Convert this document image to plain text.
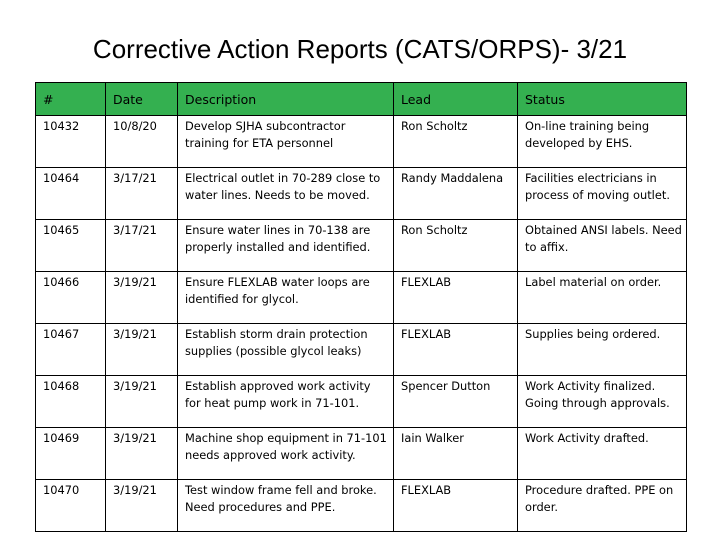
Corrective Action Reports (CATS/ORPS)- 3/21
#	Date	Description	Lead	Status
10432	10/8/20	Develop SJHA subcontractor training for ETA personnel	Ron Scholtz	On-line training being developed by EHS.
10464	3/17/21	Electrical outlet in 70-289 close to water lines. Needs to be moved.	Randy Maddalena	Facilities electricians in process of moving outlet.
10465	3/17/21	Ensure water lines in 70-138 are properly installed and identified.	Ron Scholtz	Obtained ANSI labels. Need to affix.
10466	3/19/21	Ensure FLEXLAB water loops are identified for glycol.	FLEXLAB	Label material on order.
10467	3/19/21	Establish storm drain protection supplies (possible glycol leaks)	FLEXLAB	Supplies being ordered.
10468	3/19/21	Establish approved work activity for heat pump work in 71-101.	Spencer Dutton	Work Activity finalized. Going through approvals.
10469	3/19/21	Machine shop equipment in 71-101 needs approved work activity.	Iain Walker	Work Activity drafted.
10470	3/19/21	Test window frame fell and broke. Need procedures and PPE.	FLEXLAB	Procedure drafted. PPE on order.
